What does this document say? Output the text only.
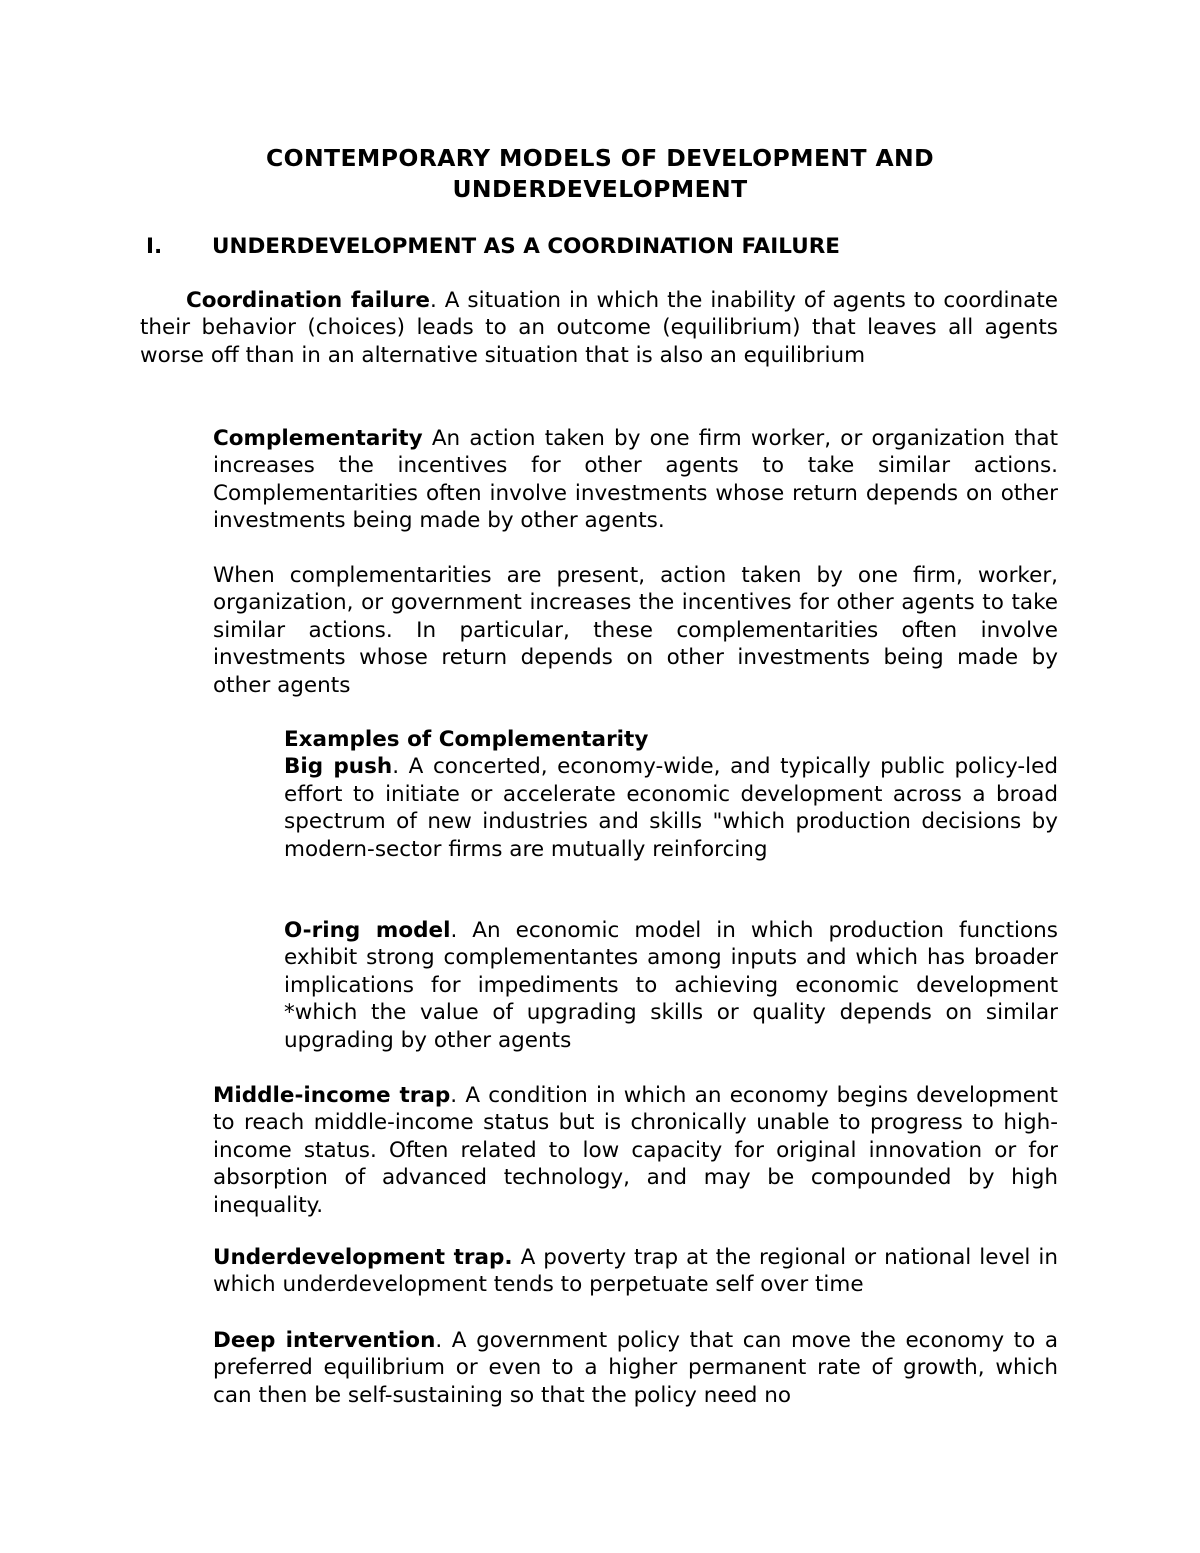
CONTEMPORARY MODELS OF DEVELOPMENT AND
UNDERDEVELOPMENT
I. UNDERDEVELOPMENT AS A COORDINATION FAILURE
Coordination failure. A situation in which the inability of agents to coordinate their behavior (choices) leads to an outcome (equilibrium) that leaves all agents worse off than in an alternative situation that is also an equilibrium
Complementarity An action taken by one firm worker, or organization that increases the incentives for other agents to take similar actions. Complementarities often involve investments whose return depends on other investments being made by other agents.
When complementarities are present, action taken by one firm, worker, organization, or government increases the incentives for other agents to take similar actions. In particular, these complementarities often involve investments whose return depends on other investments being made by other agents
Examples of Complementarity
Big push. A concerted, economy-wide, and typically public policy-led effort to initiate or accelerate economic development across a broad spectrum of new industries and skills "which production decisions by modern-sector firms are mutually reinforcing
O-ring model. An economic model in which production functions exhibit strong complementantes among inputs and which has broader implications for impediments to achieving economic development *which the value of upgrading skills or quality depends on similar upgrading by other agents
Middle-income trap. A condition in which an economy begins development to reach middle-income status but is chronically unable to progress to high-income status. Often related to low capacity for original innovation or for absorption of advanced technology, and may be compounded by high inequality.
Underdevelopment trap. A poverty trap at the regional or national level in which underdevelopment tends to perpetuate self over time
Deep intervention. A government policy that can move the economy to a preferred equilibrium or even to a higher permanent rate of growth, which can then be self-sustaining so that the policy need no
